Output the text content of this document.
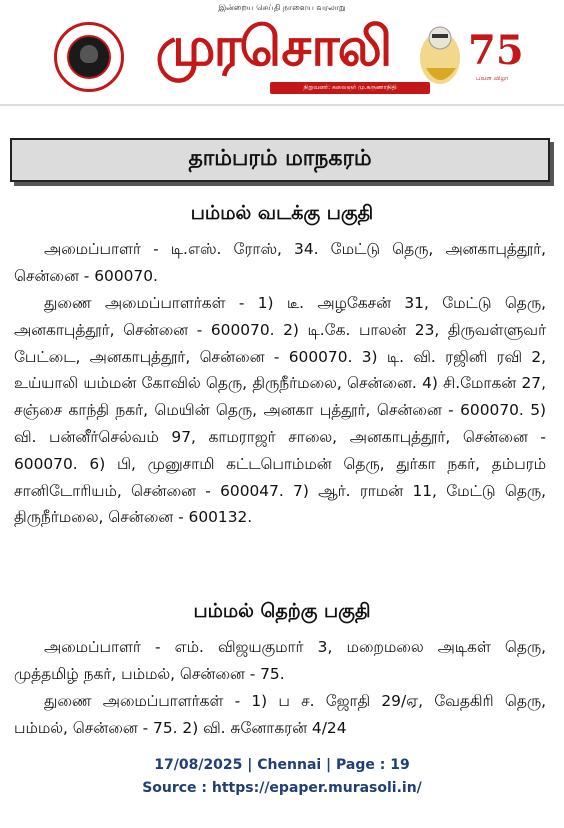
இன்றைய செய்தி நாளைய வரலாறு
முரசொலி
நிறுவனர்: கலைஞர் மு.கருணாநிதி
75
பவள விழா
தாம்பரம் மாநகரம்
பம்மல் வடக்கு பகுதி
அமைப்பாளர் - டி.எஸ். ரோஸ், 34. மேட்டு தெரு, அனகாபுத்தூர், சென்னை - 600070.
துணை அமைப்பாளர்கள் - 1) டீ. அழகேசன் 31, மேட்டு தெரு, அனகாபுத்தூர், சென்னை - 600070. 2) டி.கே. பாலன் 23, திருவள்ளுவர் பேட்டை, அனகாபுத்தூர், சென்னை - 600070. 3) டி. வி. ரஜினி ரவி 2, உய்யாலி யம்மன் கோவில் தெரு, திருநீர்மலை, சென்னை. 4) சி.மோகன் 27, சஞ்சை காந்தி நகர், மெயின் தெரு, அனகா புத்தூர், சென்னை - 600070. 5) வி. பன்னீர்செல்வம் 97, காமராஜர் சாலை, அனகாபுத்தூர், சென்னை - 600070. 6) பி, முனுசாமி கட்டபொம்மன் தெரு, துர்கா நகர், தம்பரம் சானிடோரியம், சென்னை - 600047. 7) ஆர். ராமன் 11, மேட்டு தெரு, திருநீர்மலை, சென்னை - 600132.
பம்மல் தெற்கு பகுதி
அமைப்பாளர் - எம். விஜயகுமார் 3, மறைமலை அடிகள் தெரு, முத்தமிழ் நகர், பம்மல், சென்னை - 75.
துணை அமைப்பாளர்கள் - 1) ப ச. ஜோதி 29/ஏ, வேதகிரி தெரு, பம்மல், சென்னை - 75. 2) வி. சுனோகரன் 4/24
17/08/2025 | Chennai | Page : 19
Source : https://epaper.murasoli.in/
